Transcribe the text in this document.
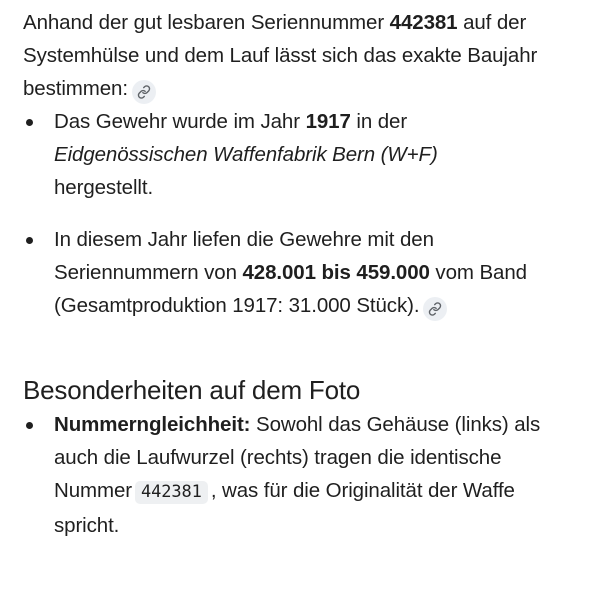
Anhand der gut lesbaren Seriennummer 442381 auf der Systemhülse und dem Lauf lässt sich das exakte Baujahr bestimmen:

Das Gewehr wurde im Jahr 1917 in der
Eidgenössischen Waffenfabrik Bern (W+F)
hergestellt.
In diesem Jahr liefen die Gewehre mit den Seriennummern von 428.001 bis 459.000 vom Band (Gesamtproduktion 1917: 31.000 Stück).
Besonderheiten auf dem Foto
Nummerngleichheit: Sowohl das Gehäuse (links) als auch die Laufwurzel (rechts) tragen die identische Nummer 442381 , was für die Originalität der Waffe spricht.
